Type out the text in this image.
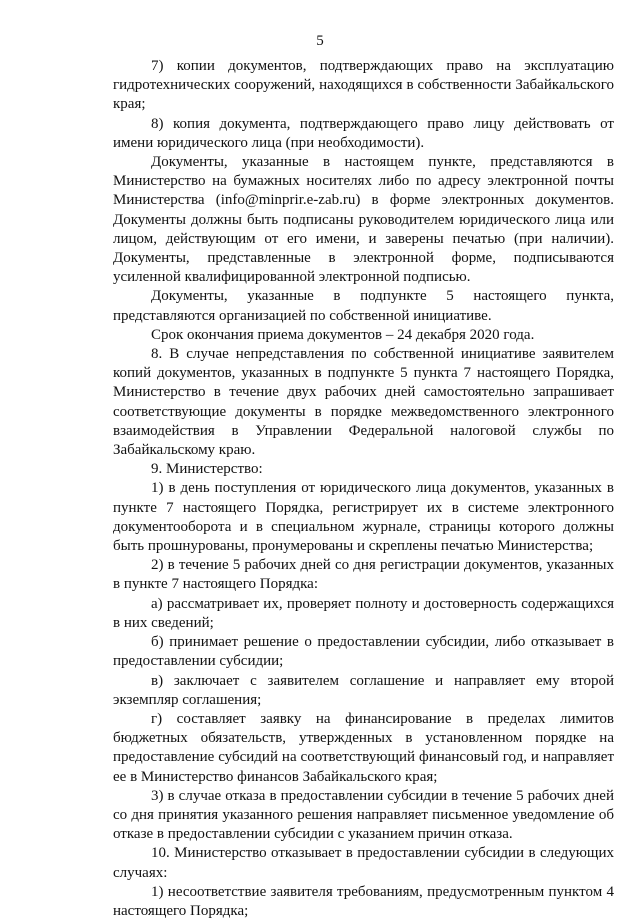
5

7) копии документов, подтверждающих право на эксплуатацию гидротехнических сооружений, находящихся в собственности Забайкальского края;

8) копия документа, подтверждающего право лицу действовать от имени юридического лица (при необходимости).

Документы, указанные в настоящем пункте, представляются в Министерство на бумажных носителях либо по адресу электронной почты Министерства (info@minprir.e-zab.ru) в форме электронных документов. Документы должны быть подписаны руководителем юридического лица или лицом, действующим от его имени, и заверены печатью (при наличии). Документы, представленные в электронной форме, подписываются усиленной квалифицированной электронной подписью.

Документы, указанные в подпункте 5 настоящего пункта, представляются организацией по собственной инициативе.

Срок окончания приема документов – 24 декабря 2020 года.

8. В случае непредставления по собственной инициативе заявителем копий документов, указанных в подпункте 5 пункта 7 настоящего Порядка, Министерство в течение двух рабочих дней самостоятельно запрашивает соответствующие документы в порядке межведомственного электронного взаимодействия в Управлении Федеральной налоговой службы по Забайкальскому краю.

9. Министерство:

1) в день поступления от юридического лица документов, указанных в пункте 7 настоящего Порядка, регистрирует их в системе электронного документооборота и в специальном журнале, страницы которого должны быть прошнурованы, пронумерованы и скреплены печатью Министерства;

2) в течение 5 рабочих дней со дня регистрации документов, указанных в пункте 7 настоящего Порядка:

а) рассматривает их, проверяет полноту и достоверность содержащихся в них сведений;

б) принимает решение о предоставлении субсидии, либо отказывает в предоставлении субсидии;

в) заключает с заявителем соглашение и направляет ему второй экземпляр соглашения;

г) составляет заявку на финансирование в пределах лимитов бюджетных обязательств, утвержденных в установленном порядке на предоставление субсидий на соответствующий финансовый год, и направляет ее в Министерство финансов Забайкальского края;

3) в случае отказа в предоставлении субсидии в течение 5 рабочих дней со дня принятия указанного решения направляет письменное уведомление об отказе в предоставлении субсидии с указанием причин отказа.

10. Министерство отказывает в предоставлении субсидии в следующих случаях:

1) несоответствие заявителя требованиям, предусмотренным пунктом 4 настоящего Порядка;
